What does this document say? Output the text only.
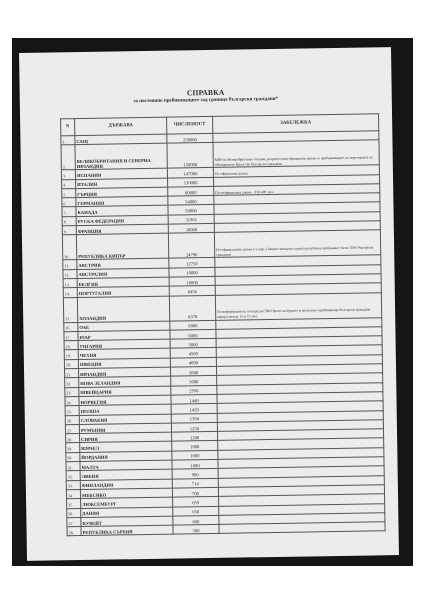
СПРАВКА
за постоянно пребиваващите зад граница български граждани*
N	ДЪРЖАВА	ЧИСЛЕНОСТ	ЗАБЕЛЕЖКА
1.	САЩ	250000	
2.	ВЕЛИКОБРИТАНИЯ И СЕВЕРНА ИРЛАНДИЯ	150000	МВР на Великобритания отказва да предостави официални данни за пребиваващите на територията на Обединеното Кралство български граждани
3.	ИСПАНИЯ	147080	По официални данни.
4.	ИТАЛИЯ	130000	
5.	ГЪРЦИЯ	80000	По неофициални данни - 350-400 хил.
6.	ГЕРМАНИЯ	54000	
7.	КАНАДА	50000	
8.	РУСКА ФЕДЕРАЦИЯ	31965	
9.	ФРАНЦИЯ	30000	
10.	РЕПУБЛИКА КИПЪР	24796	По официалните данни в т. нар. Северно-кипърска турска република пребивават около 3500 български граждани
11.	АВСТРИЯ	12750	
12.	АВСТРАЛИЯ	10000	
13.	БЕЛГИЯ	10000	
14.	ПОРТУГАЛИЯ	6456	
15.	ХОЛАНДИЯ	6378	По информация на холандски СМО броят на legално и нелегално пребиваващи български граждани варира между 15 и 25 хил.
16.	ОАЕ	6000	
17.	ЮАР	6000	
18.	УНГАРИЯ	5000	
19.	ЧЕХИЯ	4500	
20.	ШВЕЦИЯ	4000	
21.	ИРЛАНДИЯ	3000	
22.	НОВА ЗЕЛАНДИЯ	3000	
23.	ШВЕЙЦАРИЯ	2950	
24.	НОРВЕГИЯ	1448	
25.	ПОЛША	1420	
26.	СЛОВАКИЯ	1394	
27.	РУМЪНИЯ	1250	
28.	СИРИЯ	1200	
29.	ИЗРАЕЛ	1000	
30.	ЙОРДАНИЯ	1000	
31.	МАЛТА	1000	
32.	ЛИБИЯ	900	
33.	ФИНЛАНДИЯ	714	
34.	МЕКСИКО	700	
35.	ЛЮКСЕМБУРГ	659	
36.	ДАНИЯ	650	
37.	КУВЕЙТ	600	
38.	РЕПУБЛИКА СЪРБИЯ	500	
